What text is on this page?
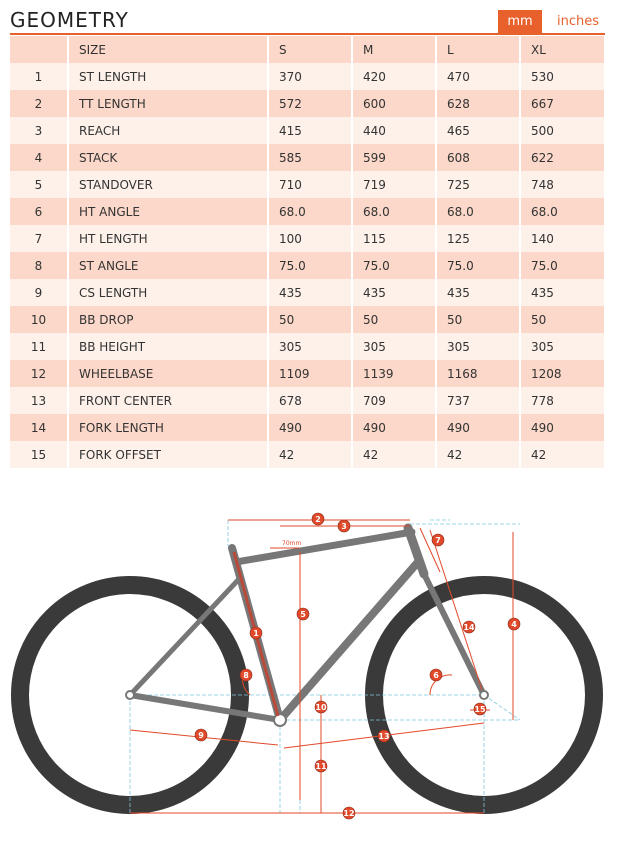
GEOMETRY	mm	inches
	SIZE	S	M	L	XL
1	ST LENGTH	370	420	470	530
2	TT LENGTH	572	600	628	667
3	REACH	415	440	465	500
4	STACK	585	599	608	622
5	STANDOVER	710	719	725	748
6	HT ANGLE	68.0	68.0	68.0	68.0
7	HT LENGTH	100	115	125	140
8	ST ANGLE	75.0	75.0	75.0	75.0
9	CS LENGTH	435	435	435	435
10	BB DROP	50	50	50	50
11	BB HEIGHT	305	305	305	305
12	WHEELBASE	1109	1139	1168	1208
13	FRONT CENTER	678	709	737	778
14	FORK LENGTH	490	490	490	490
15	FORK OFFSET	42	42	42	42
70mm
1
2
3
4
5
6
7
8
9
10
11
12
13
14
15
